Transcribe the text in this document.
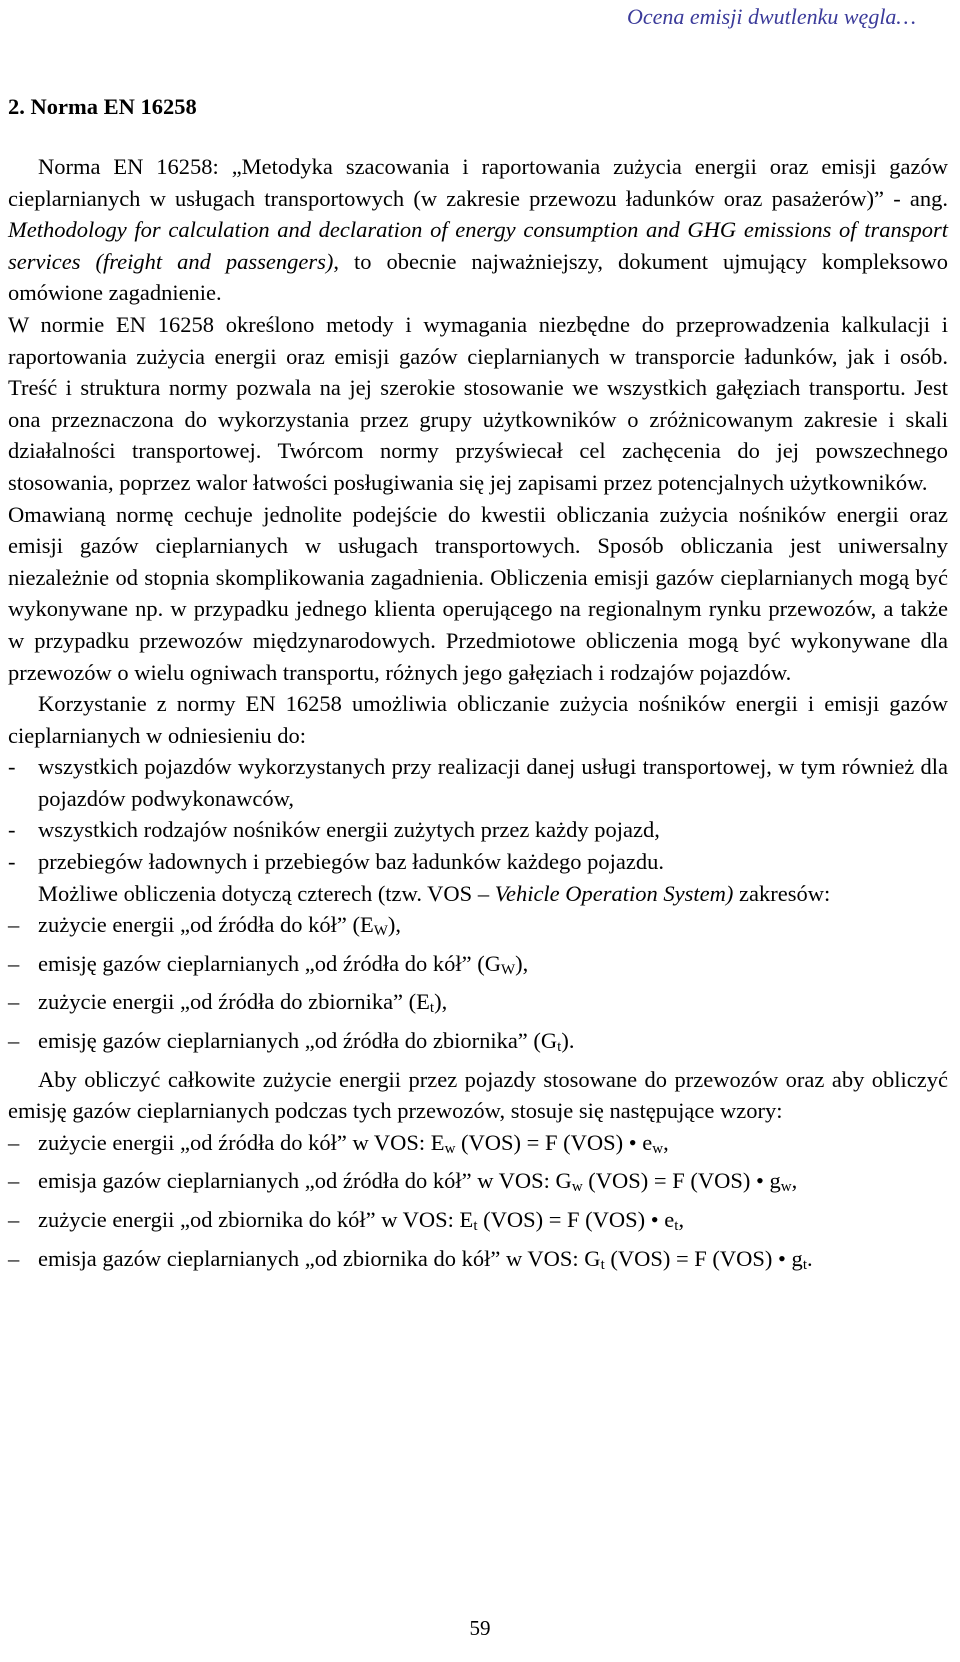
Ocena emisji dwutlenku węgla…
2. Norma EN 16258

Norma EN 16258: „Metodyka szacowania i raportowania zużycia energii oraz emisji gazów cieplarnianych w usługach transportowych (w zakresie przewozu ładunków oraz pasażerów)” - ang. Methodology for calculation and declaration of energy consumption and GHG emissions of transport services (freight and passengers), to obecnie najważniejszy, dokument ujmujący kompleksowo omówione zagadnienie.

W normie EN 16258 określono metody i wymagania niezbędne do przeprowadzenia kalkulacji i raportowania zużycia energii oraz emisji gazów cieplarnianych w transporcie ładunków, jak i osób. Treść i struktura normy pozwala na jej szerokie stosowanie we wszystkich gałęziach transportu. Jest ona przeznaczona do wykorzystania przez grupy użytkowników o zróżnicowanym zakresie i skali działalności transportowej. Twórcom normy przyświecał cel zachęcenia do jej powszechnego stosowania, poprzez walor łatwości posługiwania się jej zapisami przez potencjalnych użytkowników.

Omawianą normę cechuje jednolite podejście do kwestii obliczania zużycia nośników energii oraz emisji gazów cieplarnianych w usługach transportowych. Sposób obliczania jest uniwersalny niezależnie od stopnia skomplikowania zagadnienia. Obliczenia emisji gazów cieplarnianych mogą być wykonywane np. w przypadku jednego klienta operującego na regionalnym rynku przewozów, a także w przypadku przewozów międzynarodowych. Przedmiotowe obliczenia mogą być wykonywane dla przewozów o wielu ogniwach transportu, różnych jego gałęziach i rodzajów pojazdów.

Korzystanie z normy EN 16258 umożliwia obliczanie zużycia nośników energii i emisji gazów cieplarnianych w odniesieniu do:

- wszystkich pojazdów wykorzystanych przy realizacji danej usługi transportowej, w tym również dla pojazdów podwykonawców,
- wszystkich rodzajów nośników energii zużytych przez każdy pojazd,
- przebiegów ładownych i przebiegów baz ładunków każdego pojazdu.

Możliwe obliczenia dotyczą czterech (tzw. VOS – Vehicle Operation System) zakresów:

– zużycie energii „od źródła do kół” $(E_W)$,
– emisję gazów cieplarnianych „od źródła do kół” $(G_W)$,
– zużycie energii „od źródła do zbiornika” $(E_t)$,
– emisję gazów cieplarnianych „od źródła do zbiornika” $(G_t)$.

Aby obliczyć całkowite zużycie energii przez pojazdy stosowane do przewozów oraz aby obliczyć emisję gazów cieplarnianych podczas tych przewozów, stosuje się następujące wzory:

– zużycie energii „od źródła do kół” w VOS: $E_w$ (VOS) = F (VOS) • $e_w$,
– emisja gazów cieplarnianych „od źródła do kół” w VOS: $G_w$ (VOS) = F (VOS) • $g_w$,
– zużycie energii „od zbiornika do kół” w VOS: $E_t$ (VOS) = F (VOS) • $e_t$,
– emisja gazów cieplarnianych „od zbiornika do kół” w VOS: $G_t$ (VOS) = F (VOS) • $g_t$.
59
